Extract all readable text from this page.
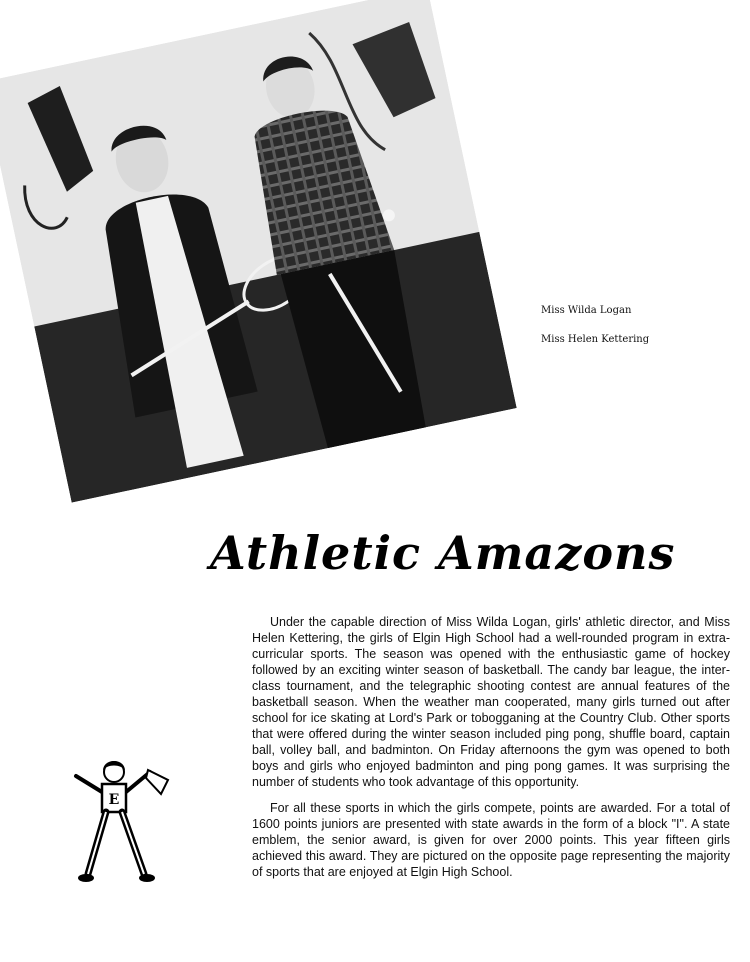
Miss Wilda Logan
Miss Helen Kettering
Athletic Amazons

Under the capable direction of Miss Wilda Logan, girls' athletic director, and Miss Helen Kettering, the girls of Elgin High School had a well-rounded program in extra-curricular sports. The season was opened with the enthusiastic game of hockey followed by an exciting winter season of basketball. The candy bar league, the inter-class tournament, and the telegraphic shooting contest are annual features of the basketball season. When the weather man cooperated, many girls turned out after school for ice skating at Lord's Park or tobogganing at the Country Club. Other sports that were offered during the winter season included ping pong, shuffle board, captain ball, volley ball, and badminton. On Friday afternoons the gym was opened to both boys and girls who enjoyed badminton and ping pong games. It was surprising the number of students who took advantage of this opportunity.

For all these sports in which the girls compete, points are awarded. For a total of 1600 points juniors are presented with state awards in the form of a block "I". A state emblem, the senior award, is given for over 2000 points. This year fifteen girls achieved this award. They are pictured on the opposite page representing the majority of sports that are enjoyed at Elgin High School.

E
